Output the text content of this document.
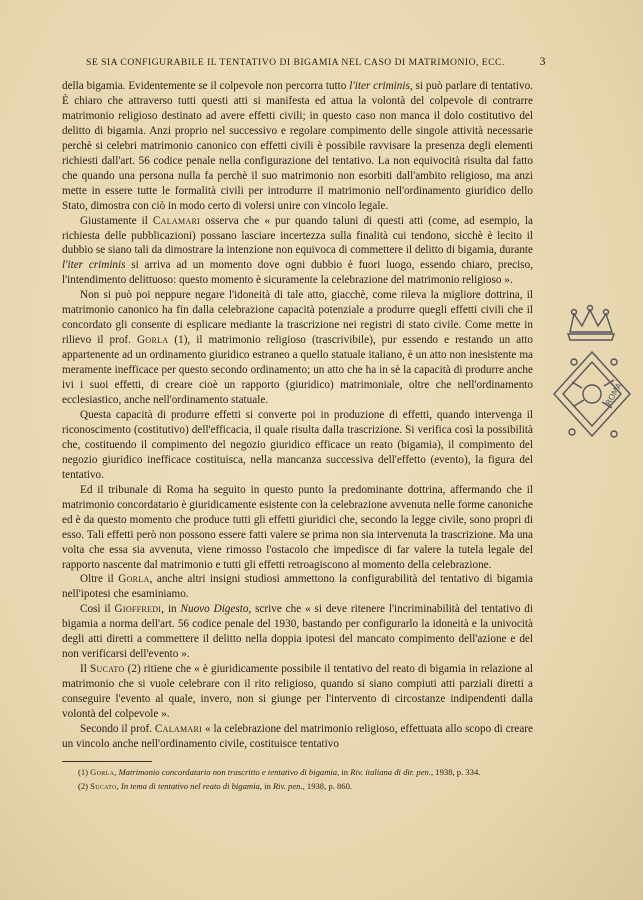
SE SIA CONFIGURABILE IL TENTATIVO DI BIGAMIA NEL CASO DI MATRIMONIO, ECC.	3

della bigamia. Evidentemente se il colpevole non percorra tutto l'iter criminis, si può parlare di tentativo. È chiaro che attraverso tutti questi atti si manifesta ed attua la volontà del colpevole di contrarre matrimonio religioso destinato ad avere effetti civili; in questo caso non manca il dolo costitutivo del delitto di bigamia. Anzi proprio nel successivo e regolare compimento delle singole attività necessarie perchè si celebri matrimonio canonico con effetti civili è possibile ravvisare la presenza degli elementi richiesti dall'art. 56 codice penale nella configurazione del tentativo. La non equivocità risulta dal fatto che quando una persona nulla fa perchè il suo matrimonio non esorbiti dall'ambito religioso, ma anzi mette in essere tutte le formalità civili per introdurre il matrimonio nell'ordinamento giuridico dello Stato, dimostra con ciò in modo certo di volersi unire con vincolo legale.

Giustamente il Calamari osserva che « pur quando taluni di questi atti (come, ad esempio, la richiesta delle pubblicazioni) possano lasciare incertezza sulla finalità cui tendono, sicchè è lecito il dubbio se siano tali da dimostrare la intenzione non equivoca di commettere il delitto di bigamia, durante l'iter criminis si arriva ad un momento dove ogni dubbio è fuori luogo, essendo chiaro, preciso, l'intendimento delittuoso: questo momento è sicuramente la celebrazione del matrimonio religioso ».

Non si può poi neppure negare l'idoneità di tale atto, giacchè, come rileva la migliore dottrina, il matrimonio canonico ha fin dalla celebrazione capacità potenziale a produrre quegli effetti civili che il concordato gli consente di esplicare mediante la trascrizione nei registri di stato civile. Come mette in rilievo il prof. Gorla (1), il matrimonio religioso (trascrivibile), pur essendo e restando un atto appartenente ad un ordinamento giuridico estraneo a quello statuale italiano, è un atto non inesistente ma meramente inefficace per questo secondo ordinamento; un atto che ha in sè la capacità di produrre anche ivi i suoi effetti, di creare cioè un rapporto (giuridico) matrimoniale, oltre che nell'ordinamento ecclesiastico, anche nell'ordinamento statuale.

Questa capacità di produrre effetti si converte poi in produzione di effetti, quando intervenga il riconoscimento (costitutivo) dell'efficacia, il quale risulta dalla trascrizione. Si verifica così la possibilità che, costituendo il compimento del negozio giuridico efficace un reato (bigamia), il compimento del negozio giuridico inefficace costituisca, nella mancanza successiva dell'effetto (evento), la figura del tentativo.

Ed il tribunale di Roma ha seguito in questo punto la predominante dottrina, affermando che il matrimonio concordatario è giuridicamente esistente con la celebrazione avvenuta nelle forme canoniche ed è da questo momento che produce tutti gli effetti giuridici che, secondo la legge civile, sono propri di esso. Tali effetti però non possono essere fatti valere se prima non sia intervenuta la trascrizione. Ma una volta che essa sia avvenuta, viene rimosso l'ostacolo che impedisce di far valere la tutela legale del rapporto nascente dal matrimonio e tutti gli effetti retroagiscono al momento della celebrazione.

Oltre il Gorla, anche altri insigni studiosi ammettono la configurabilità del tentativo di bigamia nell'ipotesi che esaminiamo.

Così il Gioffredi, in Nuovo Digesto, scrive che « si deve ritenere l'incriminabilità del tentativo di bigamia a norma dell'art. 56 codice penale del 1930, bastando per configurarlo la idoneità e la univocità degli atti diretti a commettere il delitto nella doppia ipotesi del mancato compimento dell'azione e del non verificarsi dell'evento ».

Il Sucato (2) ritiene che « è giuridicamente possibile il tentativo del reato di bigamia in relazione al matrimonio che si vuole celebrare con il rito religioso, quando si siano compiuti atti parziali diretti a conseguire l'evento al quale, invero, non si giunge per l'intervento di circostanze indipendenti dalla volontà del colpevole ».

Secondo il prof. Calamari « la celebrazione del matrimonio religioso, effettuata allo scopo di creare un vincolo anche nell'ordinamento civile, costituisce tentativo

(1) Gorla, Matrimonio concordatario non trascritto e tentativo di bigamia, in Riv. italiana di dir. pen., 1938, p. 334.

(2) Sucato, In tema di tentativo nel reato di bigamia, in Riv. pen., 1938, p. 860.

ROMA
